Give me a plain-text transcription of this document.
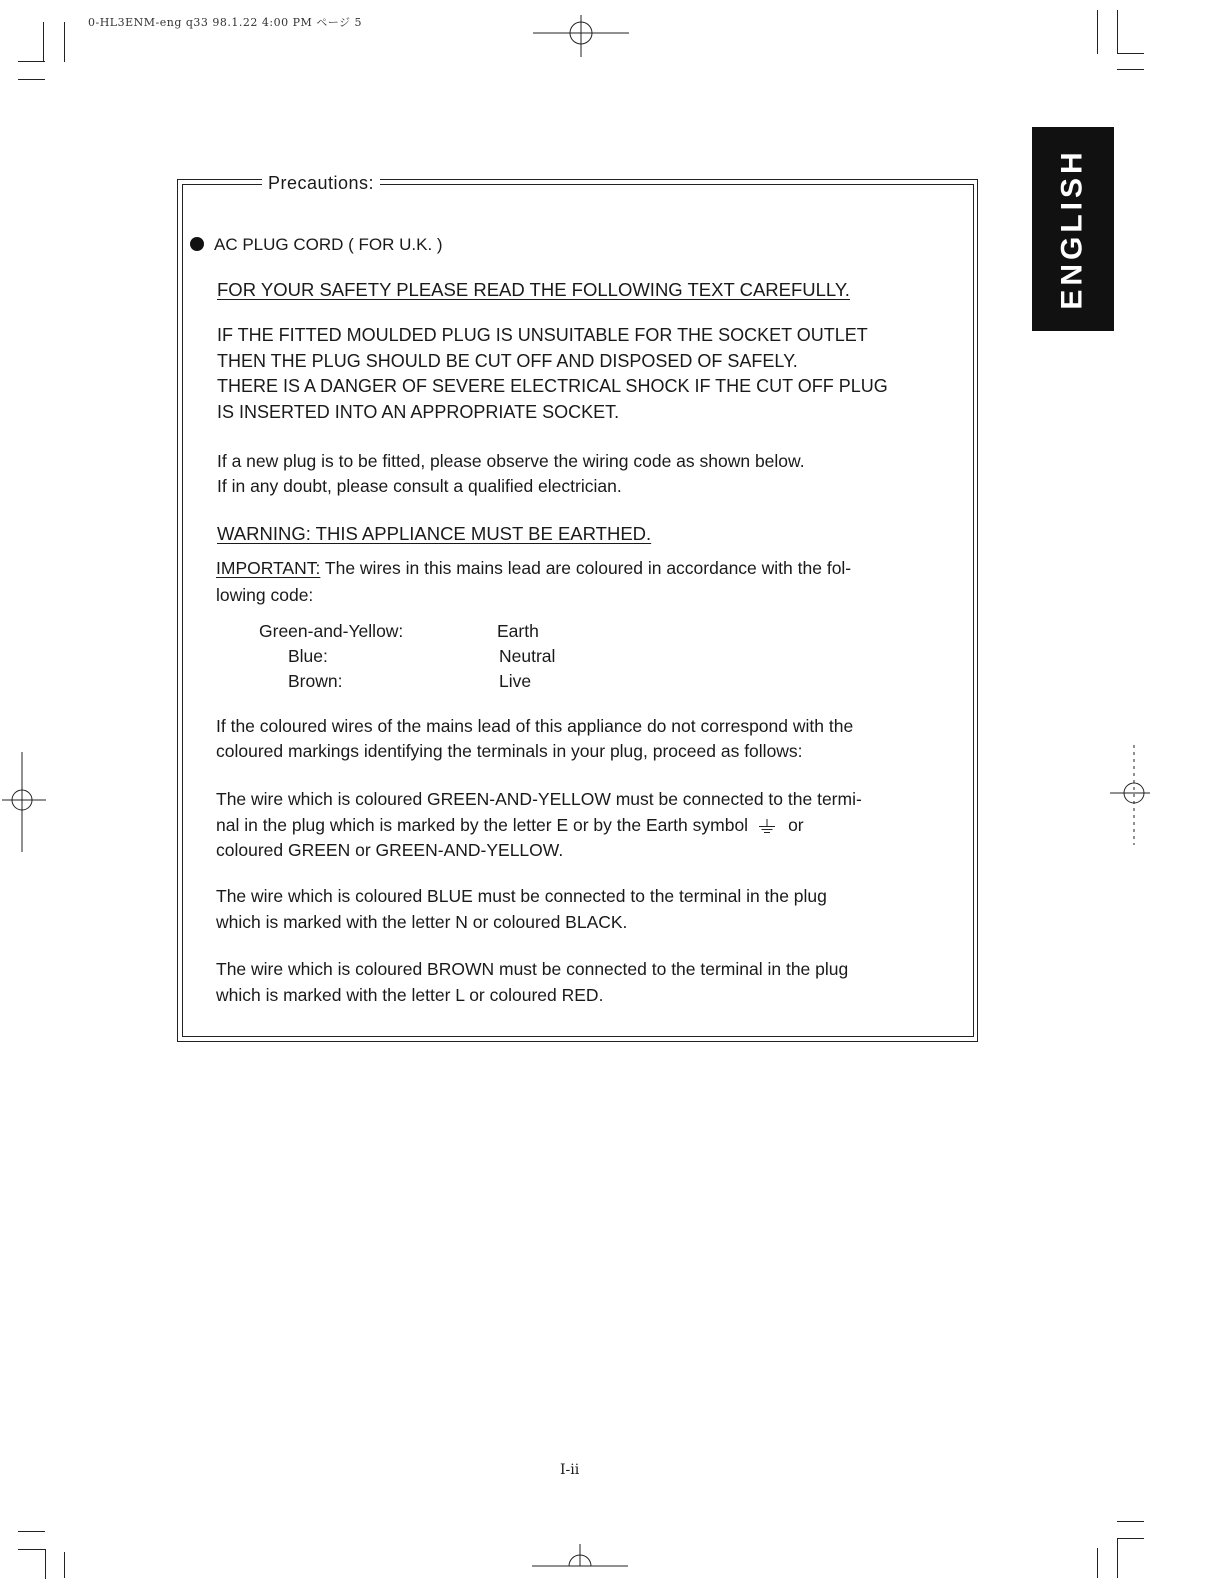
0-HL3ENM-eng q33 98.1.22 4:00 PM ページ 5
ENGLISH
Precautions:
AC PLUG CORD ( FOR U.K. )
FOR YOUR SAFETY PLEASE READ THE FOLLOWING TEXT CAREFULLY.
IF THE FITTED MOULDED PLUG IS UNSUITABLE FOR THE SOCKET OUTLET
THEN THE PLUG SHOULD BE CUT OFF AND DISPOSED OF SAFELY.
THERE IS A DANGER OF SEVERE ELECTRICAL SHOCK IF THE CUT OFF PLUG
IS INSERTED INTO AN APPROPRIATE SOCKET.
If a new plug is to be fitted, please observe the wiring code as shown below.
If in any doubt, please consult a qualified electrician.
WARNING: THIS APPLIANCE MUST BE EARTHED.
IMPORTANT: The wires in this mains lead are coloured in accordance with the fol-
lowing code:
Green-and-Yellow:	Earth
Blue:	Neutral
Brown:	Live
If the coloured wires of the mains lead of this appliance do not correspond with the
coloured markings identifying the terminals in your plug, proceed as follows:
The wire which is coloured GREEN-AND-YELLOW must be connected to the termi-
nal in the plug which is marked by the letter E or by the Earth symbol or
coloured GREEN or GREEN-AND-YELLOW.
The wire which is coloured BLUE must be connected to the terminal in the plug
which is marked with the letter N or coloured BLACK.
The wire which is coloured BROWN must be connected to the terminal in the plug
which is marked with the letter L or coloured RED.
I-ii
